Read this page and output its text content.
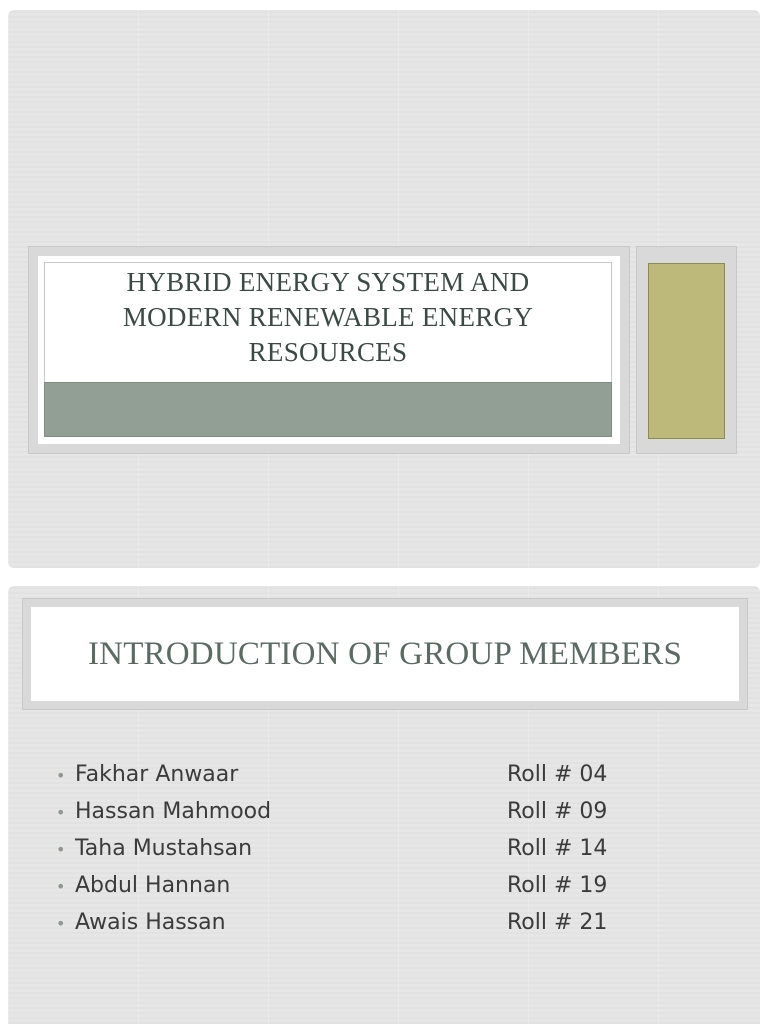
HYBRID ENERGY SYSTEM AND MODERN RENEWABLE ENERGY RESOURCES
INTRODUCTION OF GROUP MEMBERS
• Fakhar Anwaar	Roll # 04
• Hassan Mahmood	Roll # 09
• Taha Mustahsan	Roll # 14
• Abdul Hannan	Roll # 19
• Awais Hassan	Roll # 21
